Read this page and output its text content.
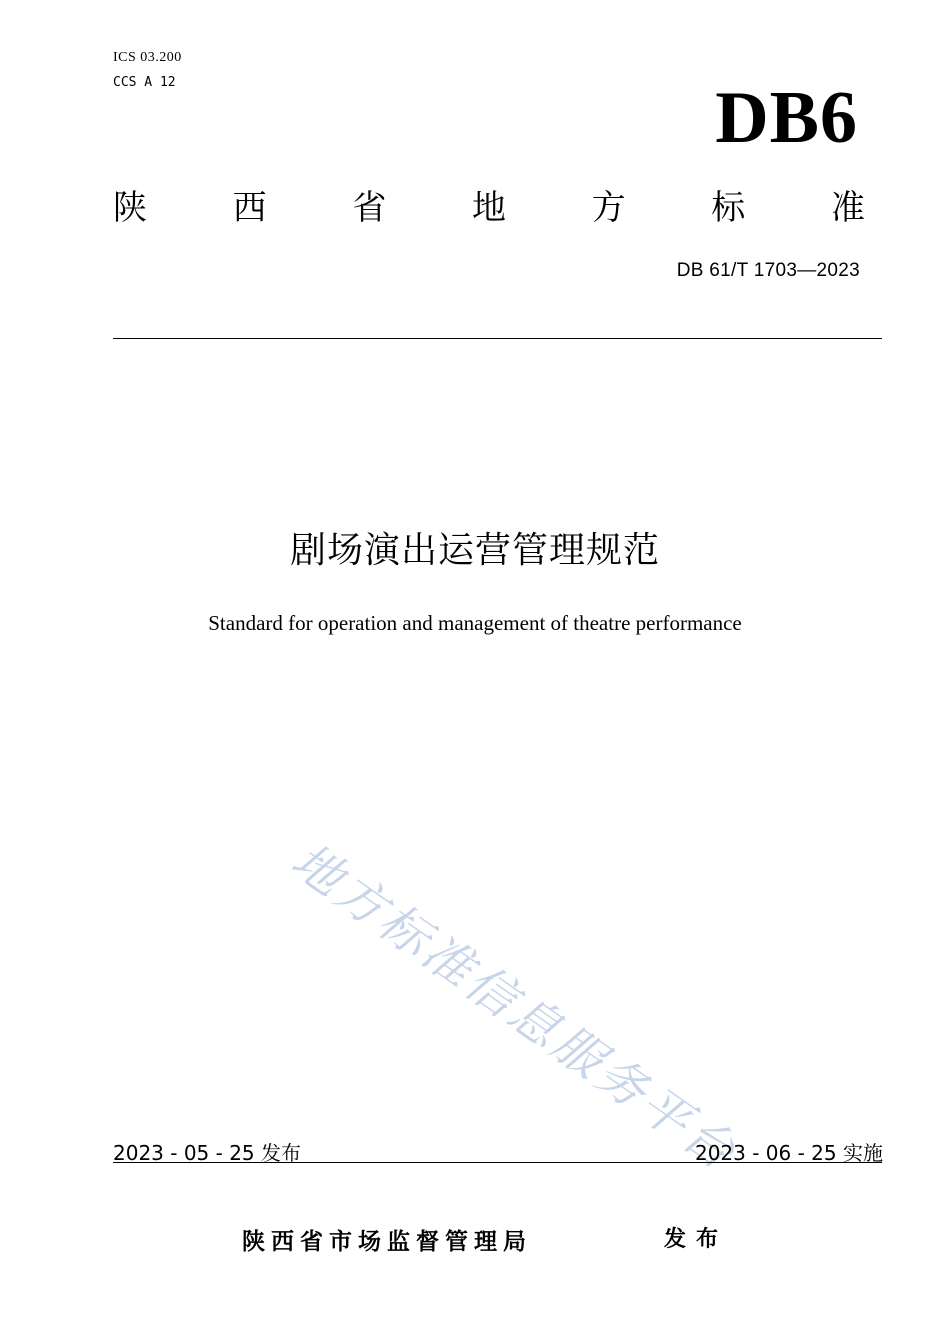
ICS 03.200
CCS A 12	DB6
陕	西	省	地	方	标	准
DB 61/T 1703—2023
剧场演出运营管理规范
Standard for operation and management of theatre performance
地方标准信息服务平台
2023 - 05 - 25 发布	2023 - 06 - 25 实施
陕西省市场监督管理局	发布
